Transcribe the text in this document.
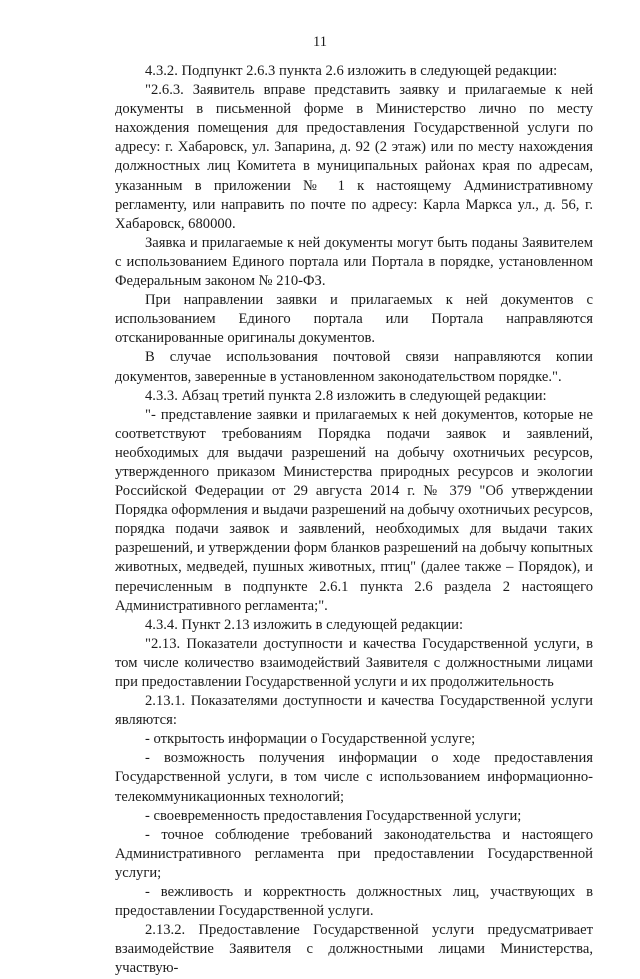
11

4.3.2. Подпункт 2.6.3 пункта 2.6 изложить в следующей редакции:

"2.6.3. Заявитель вправе представить заявку и прилагаемые к ней документы в письменной форме в Министерство лично по месту нахождения помещения для предоставления Государственной услуги по адресу: г. Хабаровск, ул. Запарина, д. 92 (2 этаж) или по месту нахождения должностных лиц Комитета в муниципальных районах края по адресам, указанным в приложении № 1 к настоящему Административному регламенту, или направить по почте по адресу: Карла Маркса ул., д. 56, г. Хабаровск, 680000.

Заявка и прилагаемые к ней документы могут быть поданы Заявителем с использованием Единого портала или Портала в порядке, установленном Федеральным законом № 210-ФЗ.

При направлении заявки и прилагаемых к ней документов с использованием Единого портала или Портала направляются отсканированные оригиналы документов.

В случае использования почтовой связи направляются копии документов, заверенные в установленном законодательством порядке.".

4.3.3. Абзац третий пункта 2.8 изложить в следующей редакции:

"- представление заявки и прилагаемых к ней документов, которые не соответствуют требованиям Порядка подачи заявок и заявлений, необходимых для выдачи разрешений на добычу охотничьих ресурсов, утвержденного приказом Министерства природных ресурсов и экологии Российской Федерации от 29 августа 2014 г. № 379 "Об утверждении Порядка оформления и выдачи разрешений на добычу охотничьих ресурсов, порядка подачи заявок и заявлений, необходимых для выдачи таких разрешений, и утверждении форм бланков разрешений на добычу копытных животных, медведей, пушных животных, птиц" (далее также – Порядок), и перечисленным в подпункте 2.6.1 пункта 2.6 раздела 2 настоящего Административного регламента;".

4.3.4. Пункт 2.13 изложить в следующей редакции:

"2.13. Показатели доступности и качества Государственной услуги, в том числе количество взаимодействий Заявителя с должностными лицами при предоставлении Государственной услуги и их продолжительность

2.13.1. Показателями доступности и качества Государственной услуги являются:

- открытость информации о Государственной услуге;

- возможность получения информации о ходе предоставления Государственной услуги, в том числе с использованием информационно-телекоммуникационных технологий;

- своевременность предоставления Государственной услуги;

- точное соблюдение требований законодательства и настоящего Административного регламента при предоставлении Государственной услуги;

- вежливость и корректность должностных лиц, участвующих в предоставлении Государственной услуги.

2.13.2. Предоставление Государственной услуги предусматривает взаимодействие Заявителя с должностными лицами Министерства, участвую-
